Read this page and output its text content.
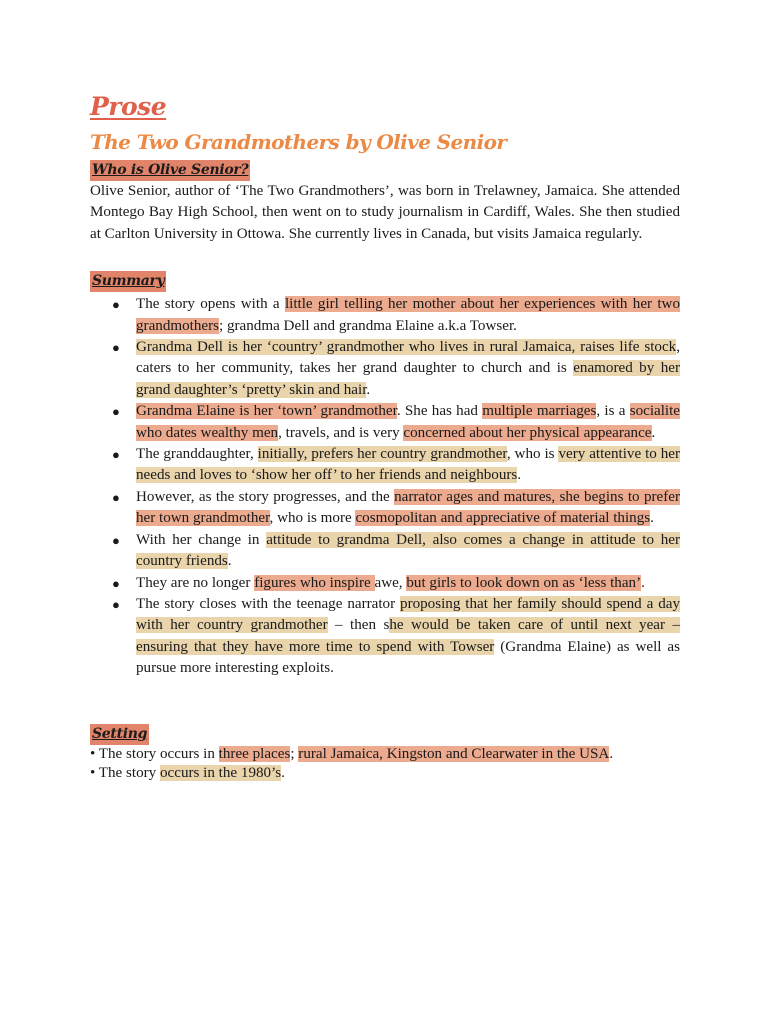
Prose
The Two Grandmothers by Olive Senior
Who is Olive Senior?

Olive Senior, author of ‘The Two Grandmothers’, was born in Trelawney, Jamaica. She attended Montego Bay High School, then went on to study journalism in Cardiff, Wales. She then studied at Carlton University in Ottowa. She currently lives in Canada, but visits Jamaica regularly.

Summary
● The story opens with a little girl telling her mother about her experiences with her two grandmothers; grandma Dell and grandma Elaine a.k.a Towser.
● Grandma Dell is her ‘country’ grandmother who lives in rural Jamaica, raises life stock, caters to her community, takes her grand daughter to church and is enamored by her grand daughter’s ‘pretty’ skin and hair.
● Grandma Elaine is her ‘town’ grandmother. She has had multiple marriages, is a socialite who dates wealthy men, travels, and is very concerned about her physical appearance.
● The granddaughter, initially, prefers her country grandmother, who is very attentive to her needs and loves to ‘show her off’ to her friends and neighbours.
● However, as the story progresses, and the narrator ages and matures, she begins to prefer her town grandmother, who is more cosmopolitan and appreciative of material things.
● With her change in attitude to grandma Dell, also comes a change in attitude to her country friends.
● They are no longer figures who inspire awe, but girls to look down on as ‘less than’.
● The story closes with the teenage narrator proposing that her family should spend a day with her country grandmother – then she would be taken care of until next year – ensuring that they have more time to spend with Towser (Grandma Elaine) as well as pursue more interesting exploits.
Setting

• The story occurs in three places; rural Jamaica, Kingston and Clearwater in the USA.

• The story occurs in the 1980’s.
